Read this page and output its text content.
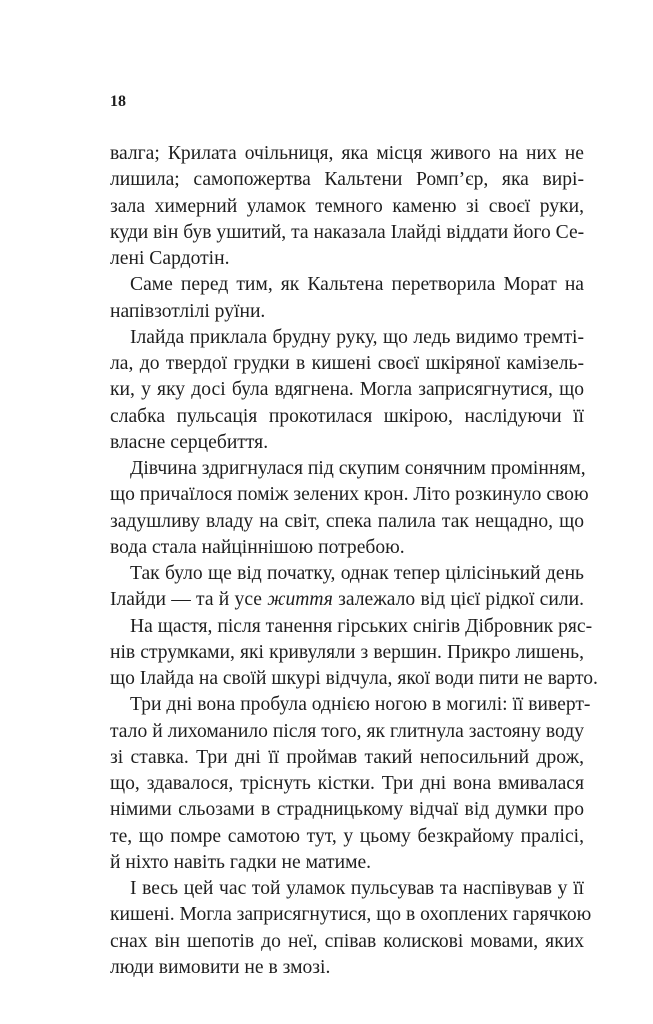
18
валга; Крилата очільниця, яка місця живого на них не
лишила; самопожертва Кальтени Ромп’єр, яка вирі-
зала химерний уламок темного каменю зі своєї руки,
куди він був ушитий, та наказала Ілайді віддати його Се-
лені Сардотін.
Саме перед тим, як Кальтена перетворила Морат на
напівзотлілі руїни.
Ілайда приклала брудну руку, що ледь видимо тремті-
ла, до твердої грудки в кишені своєї шкіряної камізель-
ки, у яку досі була вдягнена. Могла заприсягнутися, що
слабка пульсація прокотилася шкірою, наслідуючи її
власне серцебиття.
Дівчина здригнулася під скупим сонячним промінням,
що причаїлося поміж зелених крон. Літо розкинуло свою
задушливу владу на світ, спека палила так нещадно, що
вода стала найціннішою потребою.
Так було ще від початку, однак тепер цілісінький день
Ілайди — та й усе життя залежало від цієї рідкої сили.
На щастя, після танення гірських снігів Дібровник ряс-
нів струмками, які кривуляли з вершин. Прикро лишень,
що Ілайда на своїй шкурі відчула, якої води пити не варто.
Три дні вона пробула однією ногою в могилі: її виверт-
тало й лихоманило після того, як глитнула застояну воду
зі ставка. Три дні її проймав такий непосильний дрож,
що, здавалося, тріснуть кістки. Три дні вона вмивалася
німими сльозами в страдницькому відчаї від думки про
те, що помре самотою тут, у цьому безкрайому пралісі,
й ніхто навіть гадки не матиме.
І весь цей час той уламок пульсував та наспівував у її
кишені. Могла заприсягнутися, що в охоплених гарячкою
снах він шепотів до неї, співав колискові мовами, яких
люди вимовити не в змозі.
